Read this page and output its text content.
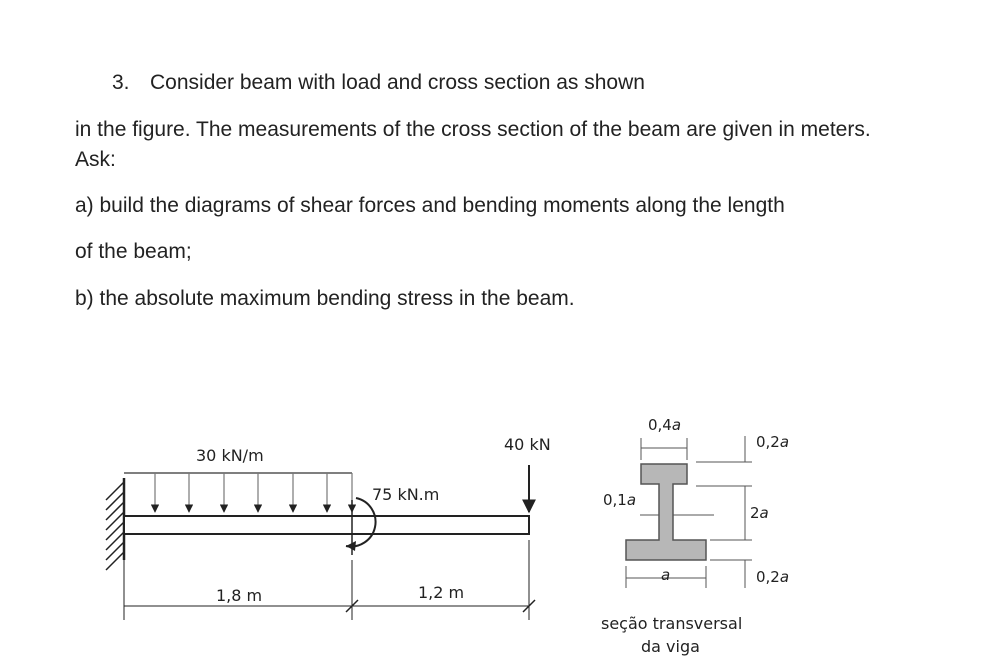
3. Consider beam with load and cross section as shown
in the figure. The measurements of the cross section of the beam are given in meters.
Ask:
a) build the diagrams of shear forces and bending moments along the length
of the beam;
b) the absolute maximum bending stress in the beam.
30 kN/m
75 kN.m
40 kN
1,8 m	1,2 m
0,4a
0,2a
2a
0,2a
0,1a
a
seção transversal
da viga
